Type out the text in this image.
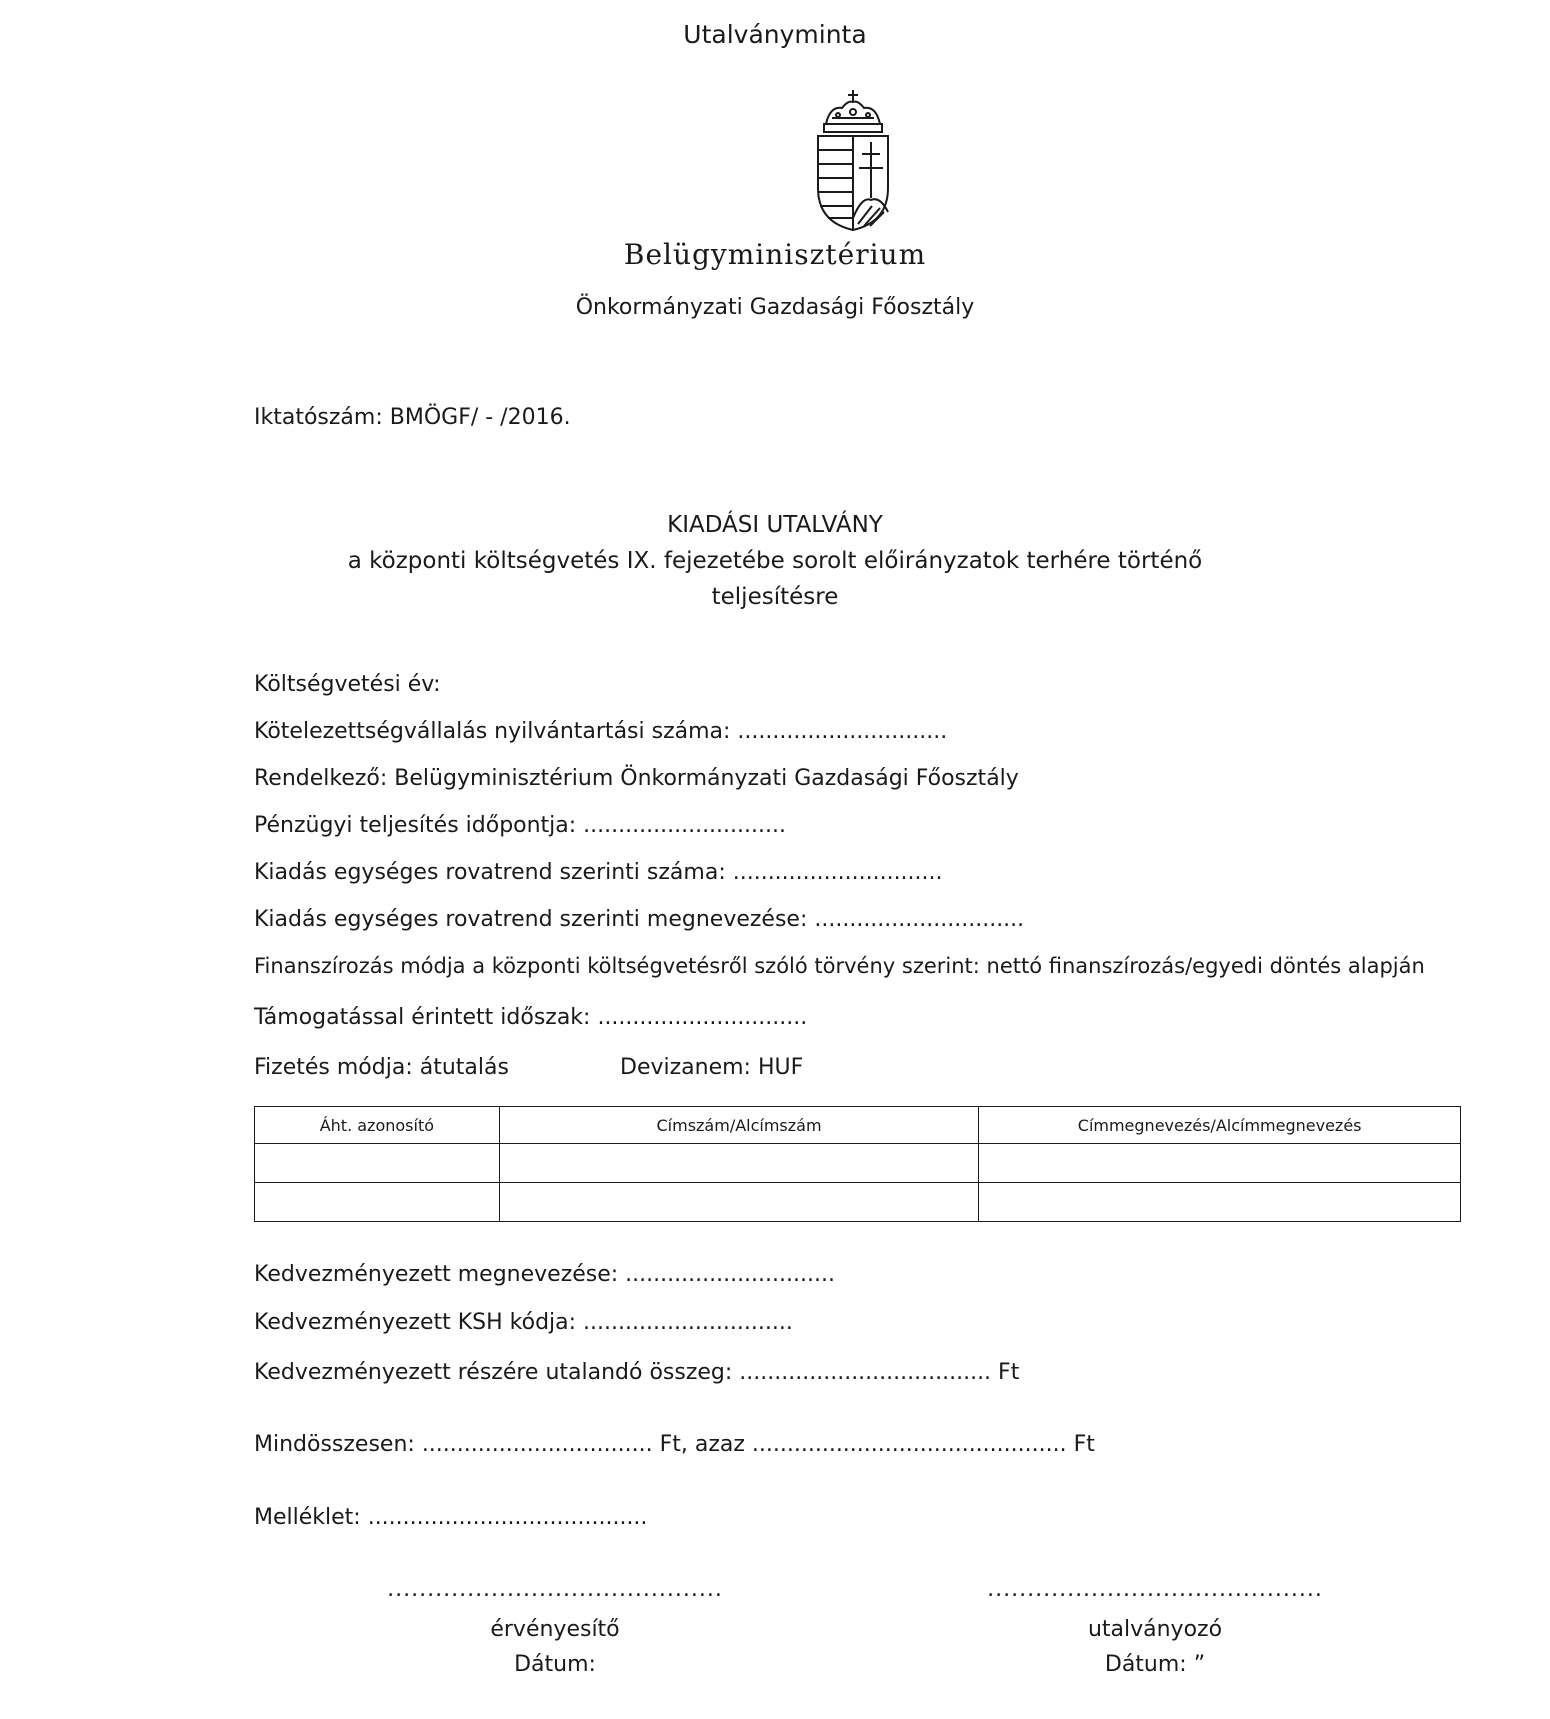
Utalványminta
Belügyminisztérium
Önkormányzati Gazdasági Főosztály
Iktatószám: BMÖGF/ - /2016.
KIADÁSI UTALVÁNY
a központi költségvetés IX. fejezetébe sorolt előirányzatok terhére történő
teljesítésre
Költségvetési év:
Kötelezettségvállalás nyilvántartási száma: ..............................
Rendelkező: Belügyminisztérium Önkormányzati Gazdasági Főosztály
Pénzügyi teljesítés időpontja: .............................
Kiadás egységes rovatrend szerinti száma: ..............................
Kiadás egységes rovatrend szerinti megnevezése: ..............................
Finanszírozás módja a központi költségvetésről szóló törvény szerint: nettó finanszírozás/egyedi döntés alapján
Támogatással érintett időszak: ..............................
Fizetés módja: átutalás	Devizanem: HUF
Áht. azonosító	Címszám/Alcímszám	Címmegnevezés/Alcímmegnevezés

Kedvezményezett megnevezése: ..............................
Kedvezményezett KSH kódja: ..............................
Kedvezményezett részére utalandó összeg: .................................... Ft
Mindösszesen: ................................. Ft, azaz ............................................. Ft
Melléklet: ........................................
..........................................
érvényesítő
Dátum:
..........................................
utalványozó
Dátum: ”
